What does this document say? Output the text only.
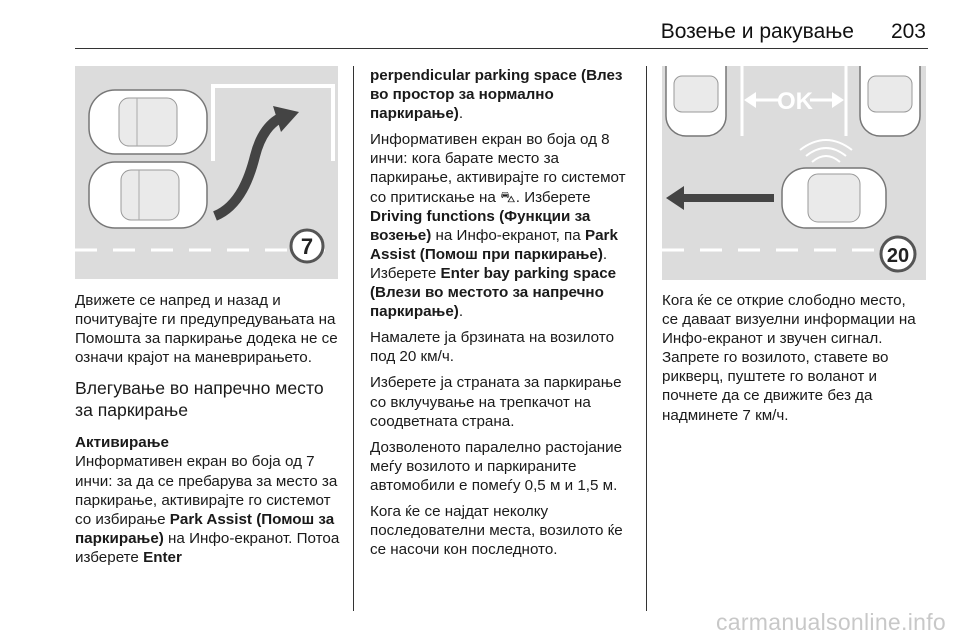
Возење и ракување 203
7
OK
20

Движете се напред и назад и почитувајте ги предупредувањата на Помошта за паркирање додека не се означи крајот на маневрирањето.

Влегување во напречно место за паркирање
Активирање

Информативен екран во боја од 7 инчи: за да се пребарува за место за паркирање, активирајте го системот со избирање Park Assist (Помош за паркирање) на Инфо-екранот. Потоа изберете Enter

perpendicular parking space (Влез во простор за нормално паркирање).

Информативен екран во боја од 8 инчи: кога барате место за паркирање, активирајте го системот со притискање на ⛍. Изберете Driving functions (Функции за возење) на Инфо-екранот, па Park Assist (Помош при паркирање). Изберете Enter bay parking space (Влези во местото за напречно паркирање).

Намалете ја брзината на возилото под 20 км/ч.

Изберете ја страната за паркирање со вклучување на трепкачот на соодветната страна.

Дозволеното паралелно растојание меѓу возилото и паркираните автомобили е помеѓу 0,5 м и 1,5 м.

Кога ќе се најдат неколку последователни места, возилото ќе се насочи кон последното.

Кога ќе се открие слободно место, се даваат визуелни информации на Инфо-екранот и звучен сигнал. Запрете го возилото, ставете во рикверц, пуштете го воланот и почнете да се движите без да надминете 7 км/ч.

carmanualsonline.info
